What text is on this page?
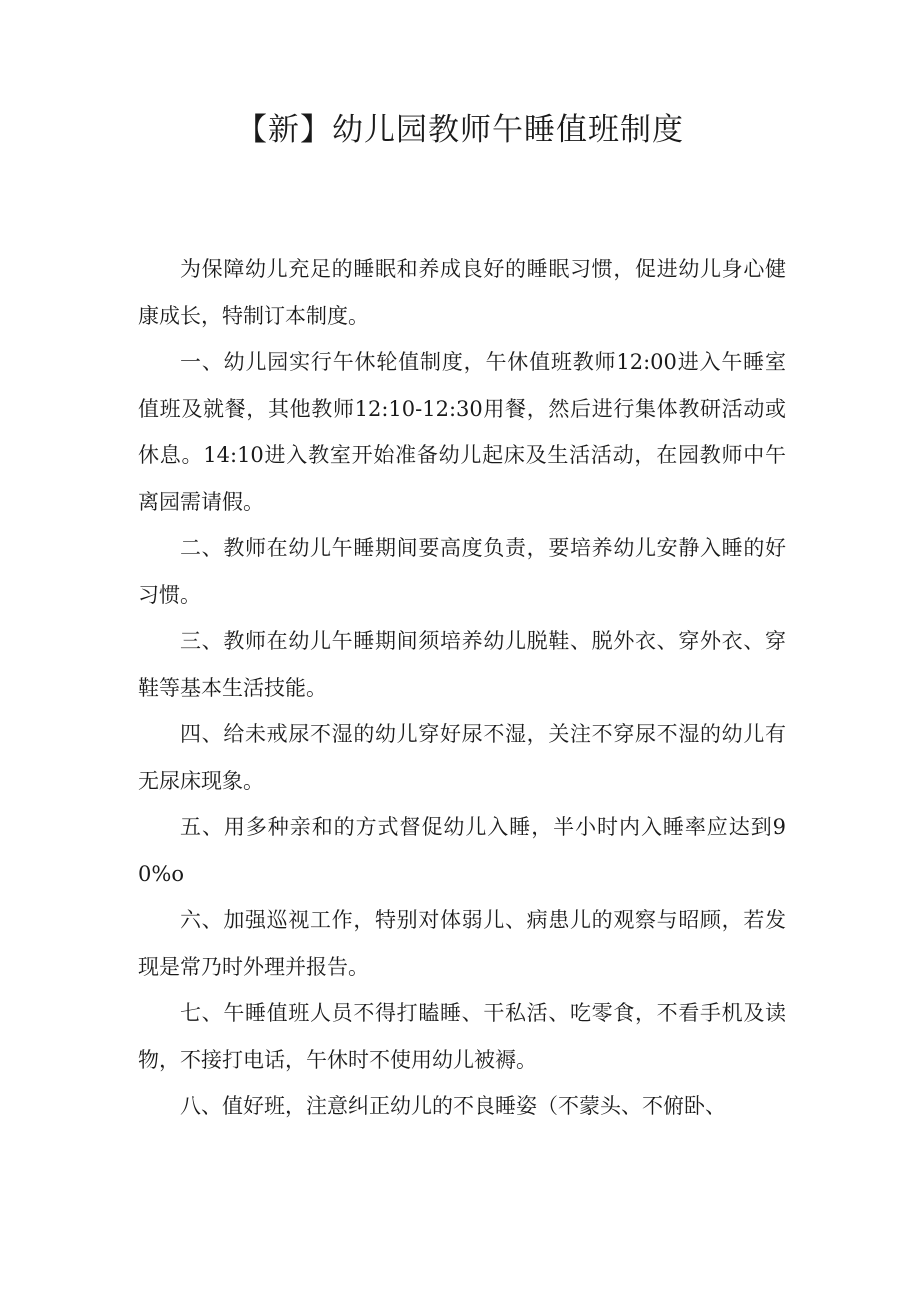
【新】幼儿园教师午睡值班制度

为保障幼儿充足的睡眠和养成良好的睡眠习惯，促进幼儿身心健康成长，特制订本制度。

一、幼儿园实行午休轮值制度，午休值班教师12:00进入午睡室值班及就餐，其他教师12:10-12:30用餐，然后进行集体教研活动或休息。14:10进入教室开始准备幼儿起床及生活活动，在园教师中午离园需请假。

二、教师在幼儿午睡期间要高度负责，要培养幼儿安静入睡的好习惯。

三、教师在幼儿午睡期间须培养幼儿脱鞋、脱外衣、穿外衣、穿鞋等基本生活技能。

四、给未戒尿不湿的幼儿穿好尿不湿，关注不穿尿不湿的幼儿有无尿床现象。

五、用多种亲和的方式督促幼儿入睡，半小时内入睡率应达到90%o

六、加强巡视工作，特别对体弱儿、病患儿的观察与昭顾，若发现是常乃时外理并报告。

七、午睡值班人员不得打瞌睡、干私活、吃零食，不看手机及读物，不接打电话，午休时不使用幼儿被褥。

八、值好班，注意纠正幼儿的不良睡姿（不蒙头、不俯卧、
